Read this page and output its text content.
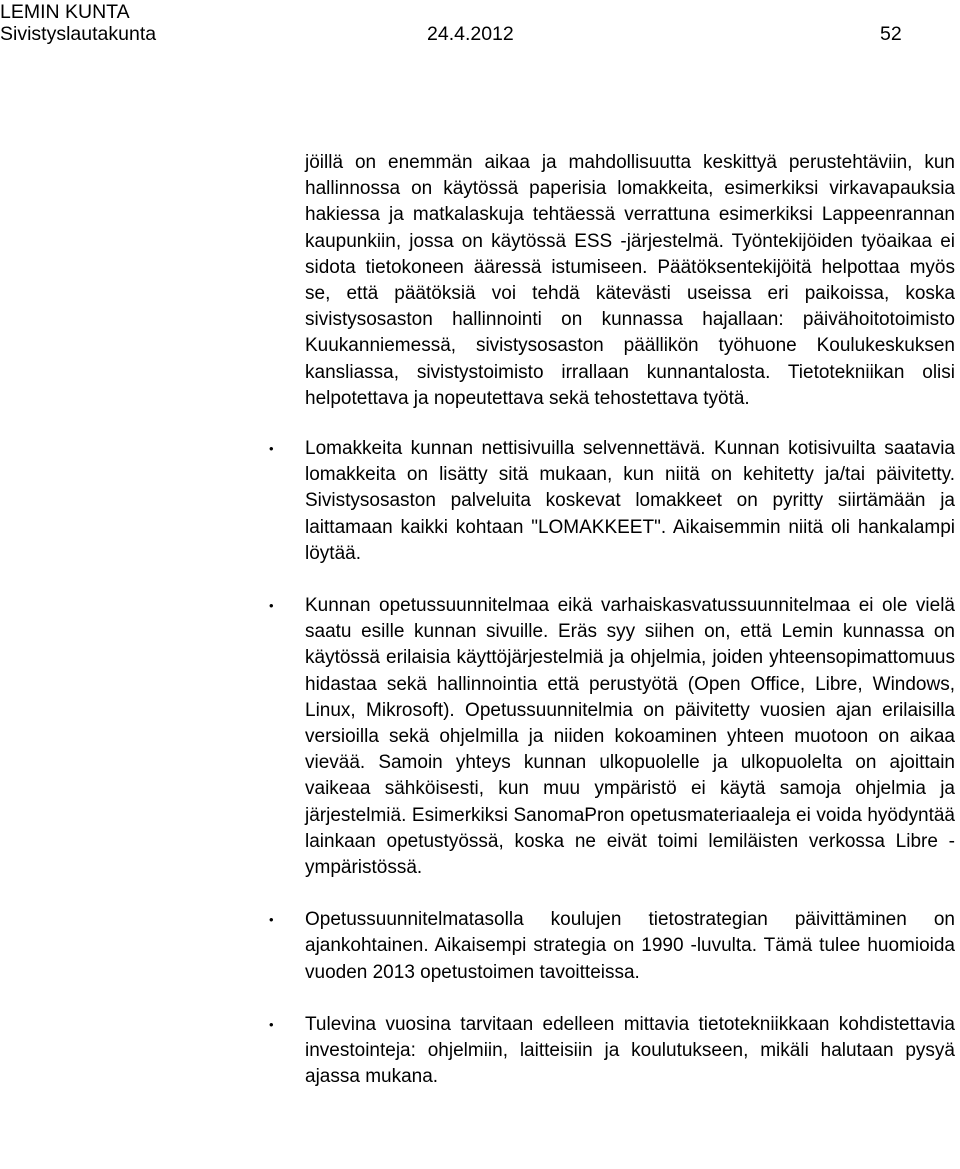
LEMIN KUNTA
Sivistyslautakunta	24.4.2012	52

jöillä on enemmän aikaa ja mahdollisuutta keskittyä perustehtäviin, kun hallinnossa on käytössä paperisia lomakkeita, esimerkiksi virkavapauksia hakiessa ja matkalaskuja tehtäessä verrattuna esimerkiksi Lappeenrannan kaupunkiin, jossa on käytössä ESS -järjestelmä. Työntekijöiden työaikaa ei sidota tietokoneen ääressä istumiseen. Päätöksentekijöitä helpottaa myös se, että päätöksiä voi tehdä kätevästi useissa eri paikoissa, koska sivistysosaston hallinnointi on kunnassa hajallaan: päivähoitotoimisto Kuukanniemessä, sivistysosaston päällikön työhuone Koulukeskuksen kansliassa, sivistystoimisto irrallaan kunnantalosta. Tietotekniikan olisi helpotettava ja nopeutettava sekä tehostettava työtä.

• Lomakkeita kunnan nettisivuilla selvennettävä. Kunnan kotisivuilta saatavia lomakkeita on lisätty sitä mukaan, kun niitä on kehitetty ja/tai päivitetty. Sivistysosaston palveluita koskevat lomakkeet on pyritty siirtämään ja laittamaan kaikki kohtaan "LOMAKKEET". Aikaisemmin niitä oli hankalampi löytää.
• Kunnan opetussuunnitelmaa eikä varhaiskasvatussuunnitelmaa ei ole vielä saatu esille kunnan sivuille. Eräs syy siihen on, että Lemin kunnassa on käytössä erilaisia käyttöjärjestelmiä ja ohjelmia, joiden yhteensopimattomuus hidastaa sekä hallinnointia että perustyötä (Open Office, Libre, Windows, Linux, Mikrosoft). Opetussuunnitelmia on päivitetty vuosien ajan erilaisilla versioilla sekä ohjelmilla ja niiden kokoaminen yhteen muotoon on aikaa vievää. Samoin yhteys kunnan ulkopuolelle ja ulkopuolelta on ajoittain vaikeaa sähköisesti, kun muu ympäristö ei käytä samoja ohjelmia ja järjestelmiä. Esimerkiksi SanomaPron opetusmateriaaleja ei voida hyödyntää lainkaan opetustyössä, koska ne eivät toimi lemiläisten verkossa Libre -ympäristössä.
• Opetussuunnitelmatasolla koulujen tietostrategian päivittäminen on ajankohtainen. Aikaisempi strategia on 1990 -luvulta. Tämä tulee huomioida vuoden 2013 opetustoimen tavoitteissa.
• Tulevina vuosina tarvitaan edelleen mittavia tietotekniikkaan kohdistettavia investointeja: ohjelmiin, laitteisiin ja koulutukseen, mikäli halutaan pysyä ajassa mukana.
